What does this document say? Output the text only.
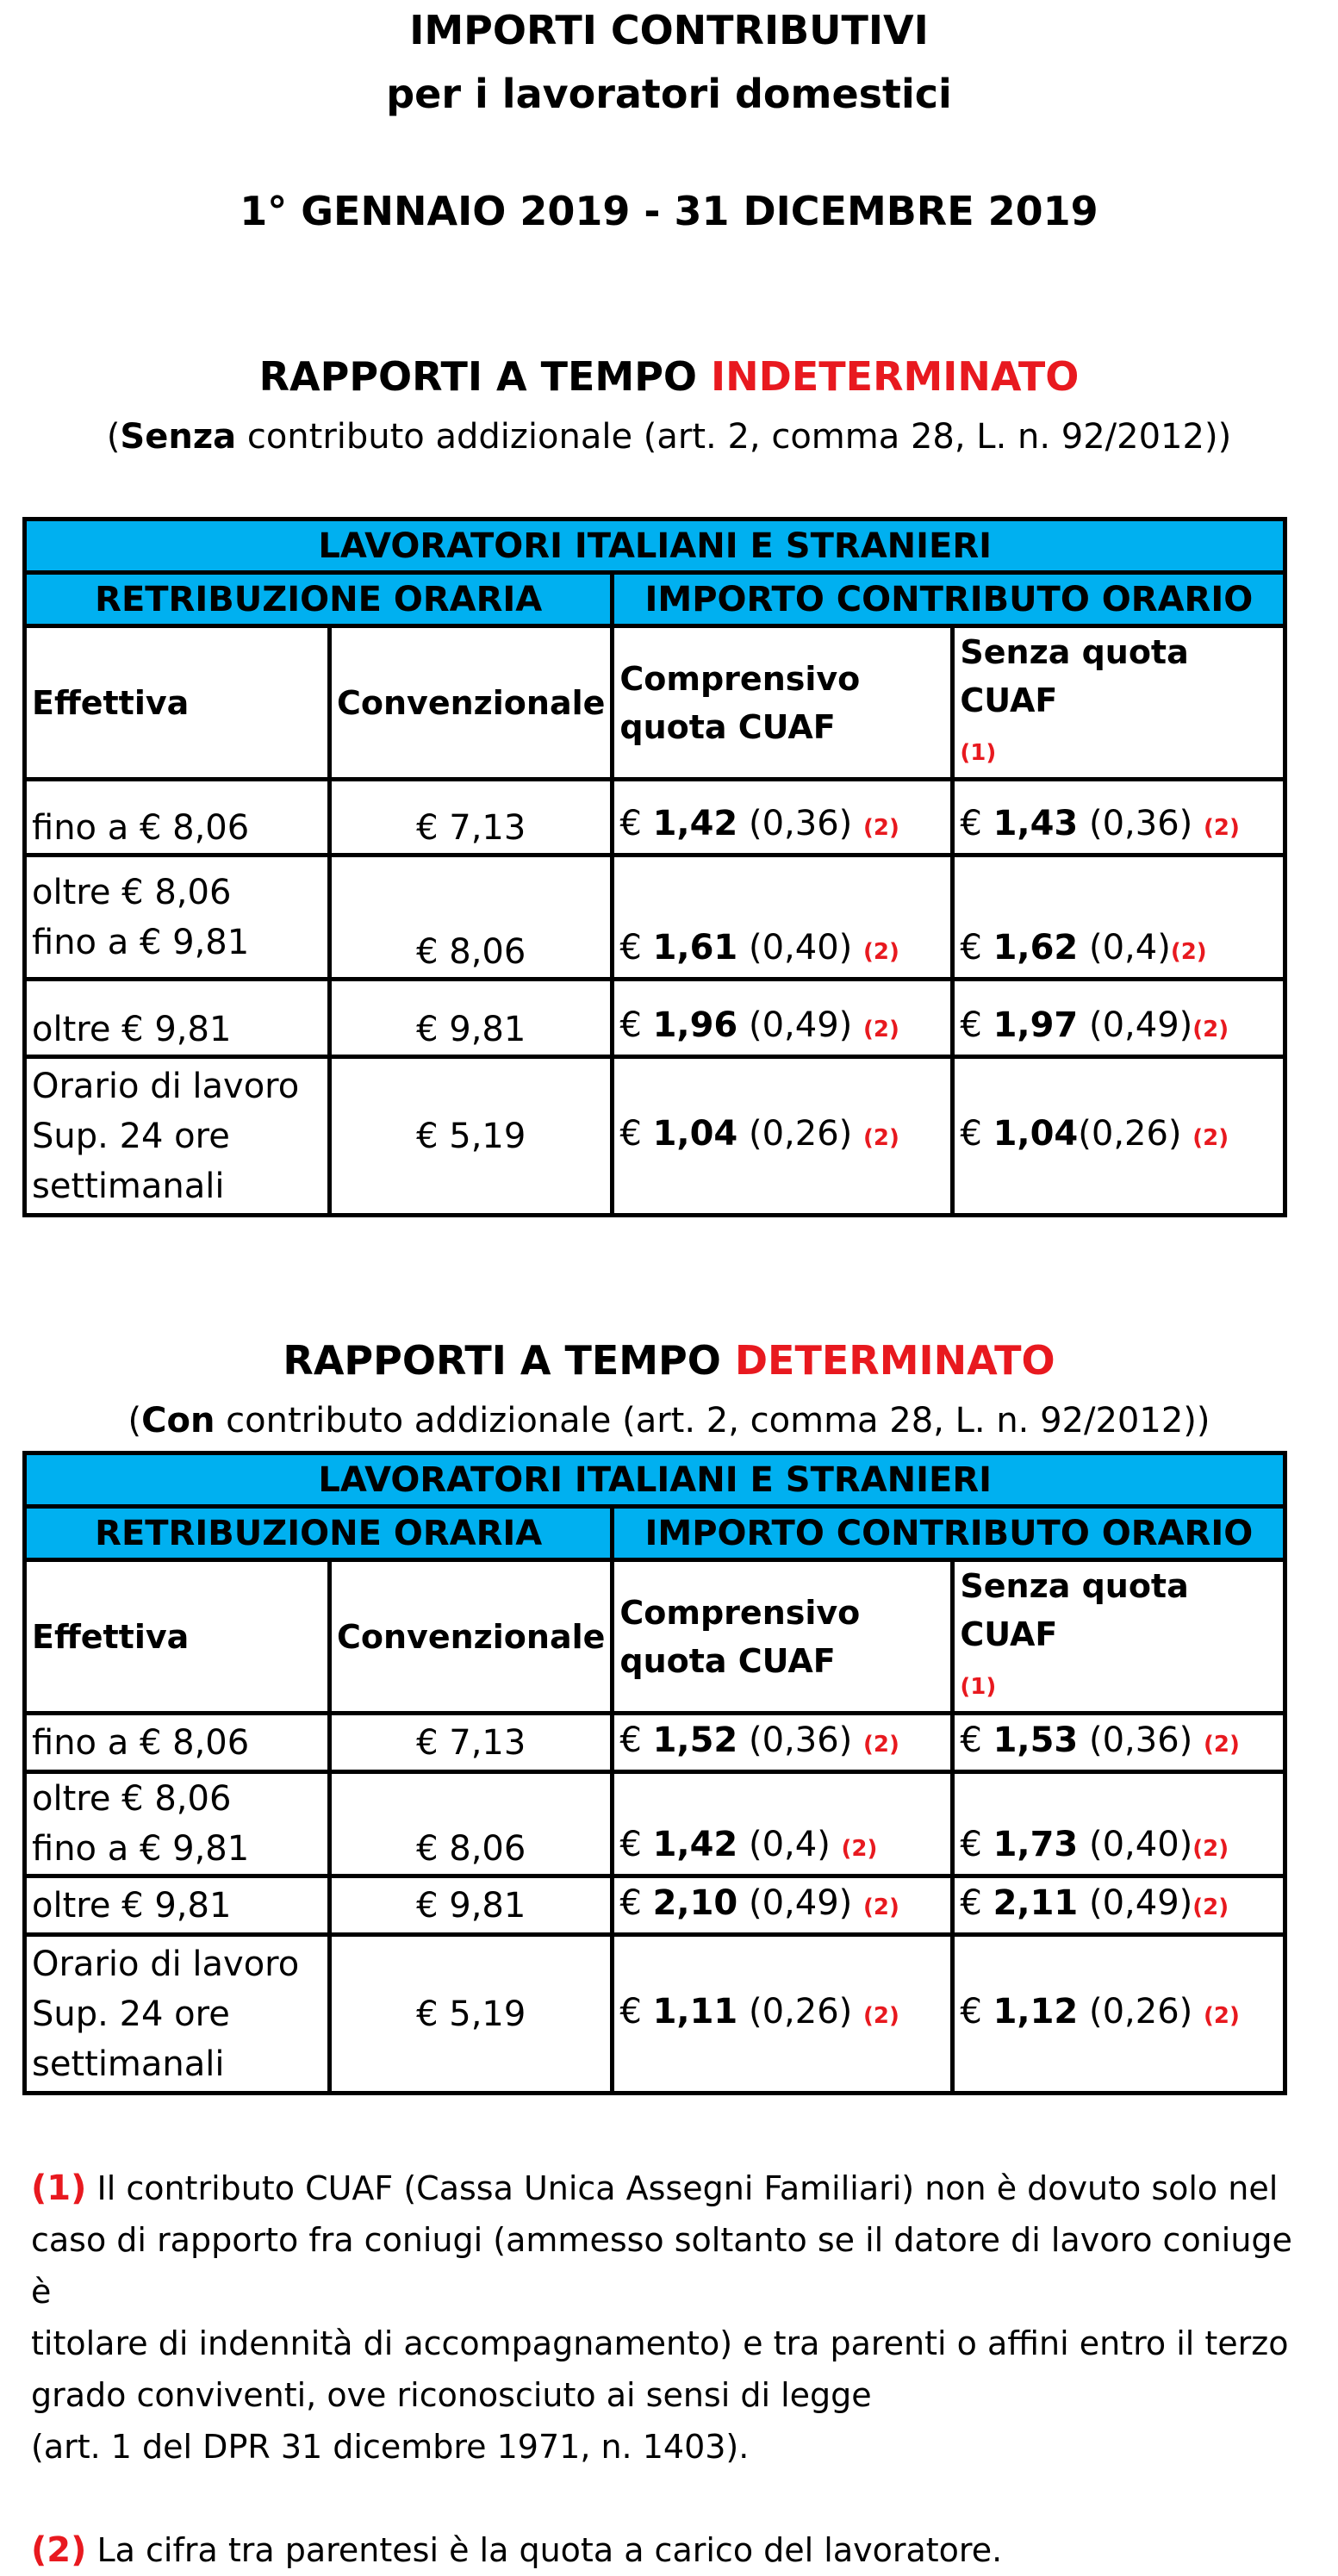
IMPORTI CONTRIBUTIVI
per i lavoratori domestici
1° GENNAIO 2019 - 31 DICEMBRE 2019
RAPPORTI A TEMPO INDETERMINATO
(Senza contributo addizionale (art. 2, comma 28, L. n. 92/2012))
LAVORATORI ITALIANI E STRANIERI			
RETRIBUZIONE ORARIA		IMPORTO CONTRIBUTO ORARIO	
Effettiva	Convenzionale	Comprensivo quota CUAF	Senza quota CUAF
(1)
fino a € 8,06	€ 7,13	€ 1,42 (0,36) (2)	€ 1,43 (0,36) (2)
oltre € 8,06
fino a € 9,81	€ 8,06	€ 1,61 (0,40) (2)	€ 1,62 (0,4)(2)
oltre € 9,81	€ 9,81	€ 1,96 (0,49) (2)	€ 1,97 (0,49)(2)
Orario di lavoro
Sup. 24 ore
settimanali	€ 5,19	€ 1,04 (0,26) (2)	€ 1,04(0,26) (2)
RAPPORTI A TEMPO DETERMINATO
(Con contributo addizionale (art. 2, comma 28, L. n. 92/2012))
LAVORATORI ITALIANI E STRANIERI			
RETRIBUZIONE ORARIA		IMPORTO CONTRIBUTO ORARIO	
Effettiva	Convenzionale	Comprensivo quota CUAF	Senza quota CUAF
(1)
fino a € 8,06	€ 7,13	€ 1,52 (0,36) (2)	€ 1,53 (0,36) (2)
oltre € 8,06
fino a € 9,81	€ 8,06	€ 1,42 (0,4) (2)	€ 1,73 (0,40)(2)
oltre € 9,81	€ 9,81	€ 2,10 (0,49) (2)	€ 2,11 (0,49)(2)
Orario di lavoro
Sup. 24 ore
settimanali	€ 5,19	€ 1,11 (0,26) (2)	€ 1,12 (0,26) (2)

(1) Il contributo CUAF (Cassa Unica Assegni Familiari) non è dovuto solo nel
caso di rapporto fra coniugi (ammesso soltanto se il datore di lavoro coniuge è
titolare di indennità di accompagnamento) e tra parenti o affini entro il terzo
grado conviventi, ove riconosciuto ai sensi di legge
(art. 1 del DPR 31 dicembre 1971, n. 1403).

(2) La cifra tra parentesi è la quota a carico del lavoratore.
